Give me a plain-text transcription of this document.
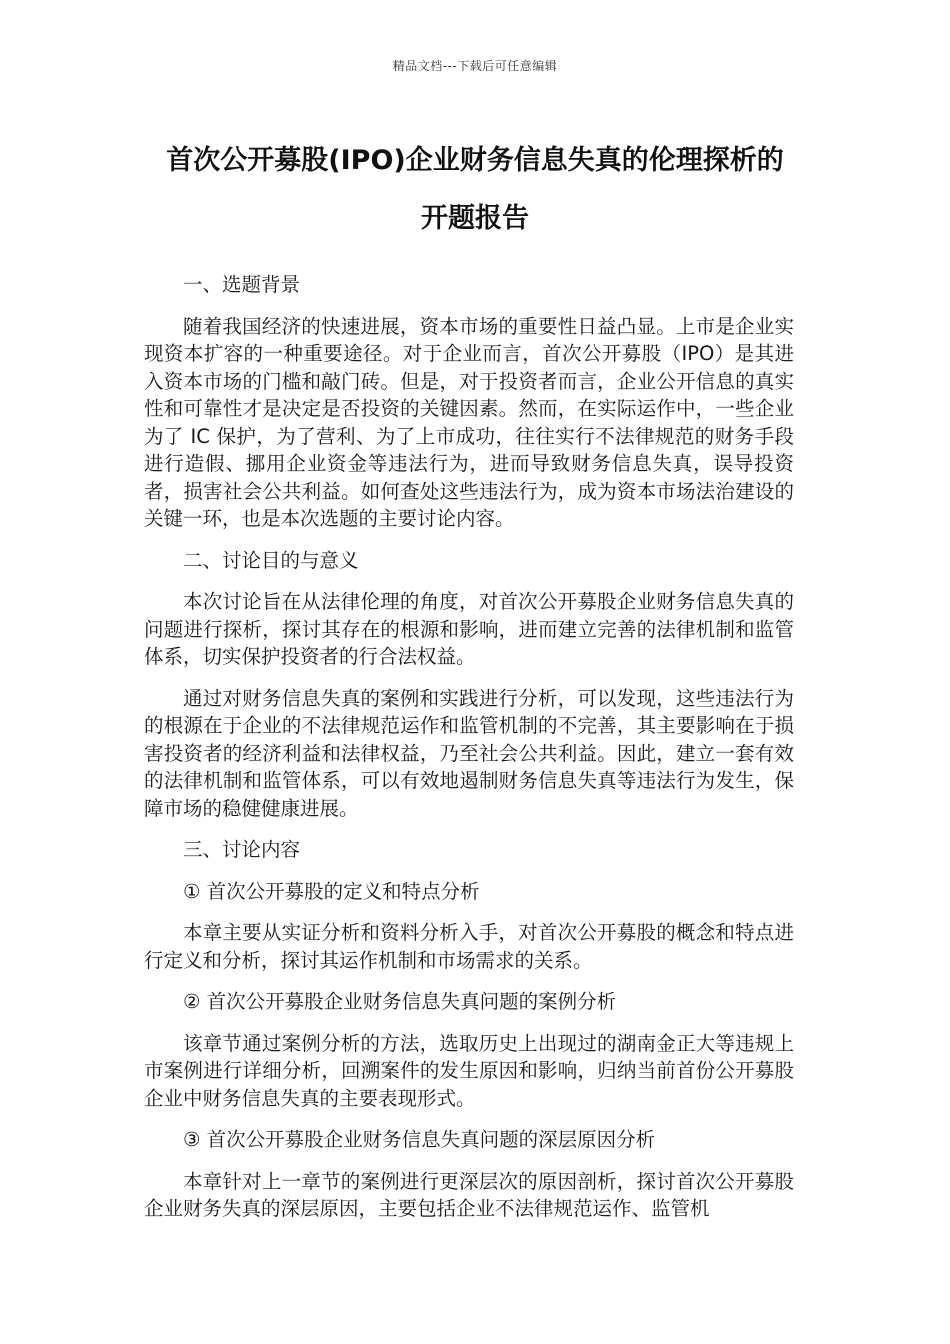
精品文档---下载后可任意编辑
首次公开募股(IPO)企业财务信息失真的伦理探析的
开题报告
一、选题背景

随着我国经济的快速进展，资本市场的重要性日益凸显。上市是企业实现资本扩容的一种重要途径。对于企业而言，首次公开募股（IPO）是其进入资本市场的门槛和敲门砖。但是，对于投资者而言，企业公开信息的真实性和可靠性才是决定是否投资的关键因素。然而，在实际运作中，一些企业为了 IC 保护，为了营利、为了上市成功，往往实行不法律规范的财务手段进行造假、挪用企业资金等违法行为，进而导致财务信息失真，误导投资者，损害社会公共利益。如何查处这些违法行为，成为资本市场法治建设的关键一环，也是本次选题的主要讨论内容。

二、讨论目的与意义

本次讨论旨在从法律伦理的角度，对首次公开募股企业财务信息失真的问题进行探析，探讨其存在的根源和影响，进而建立完善的法律机制和监管体系，切实保护投资者的行合法权益。

通过对财务信息失真的案例和实践进行分析，可以发现，这些违法行为的根源在于企业的不法律规范运作和监管机制的不完善，其主要影响在于损害投资者的经济利益和法律权益，乃至社会公共利益。因此，建立一套有效的法律机制和监管体系，可以有效地遏制财务信息失真等违法行为发生，保障市场的稳健健康进展。

三、讨论内容
① 首次公开募股的定义和特点分析

本章主要从实证分析和资料分析入手，对首次公开募股的概念和特点进行定义和分析，探讨其运作机制和市场需求的关系。

② 首次公开募股企业财务信息失真问题的案例分析

该章节通过案例分析的方法，选取历史上出现过的湖南金正大等违规上市案例进行详细分析，回溯案件的发生原因和影响，归纳当前首份公开募股企业中财务信息失真的主要表现形式。

③ 首次公开募股企业财务信息失真问题的深层原因分析

本章针对上一章节的案例进行更深层次的原因剖析，探讨首次公开募股企业财务失真的深层原因，主要包括企业不法律规范运作、监管机
